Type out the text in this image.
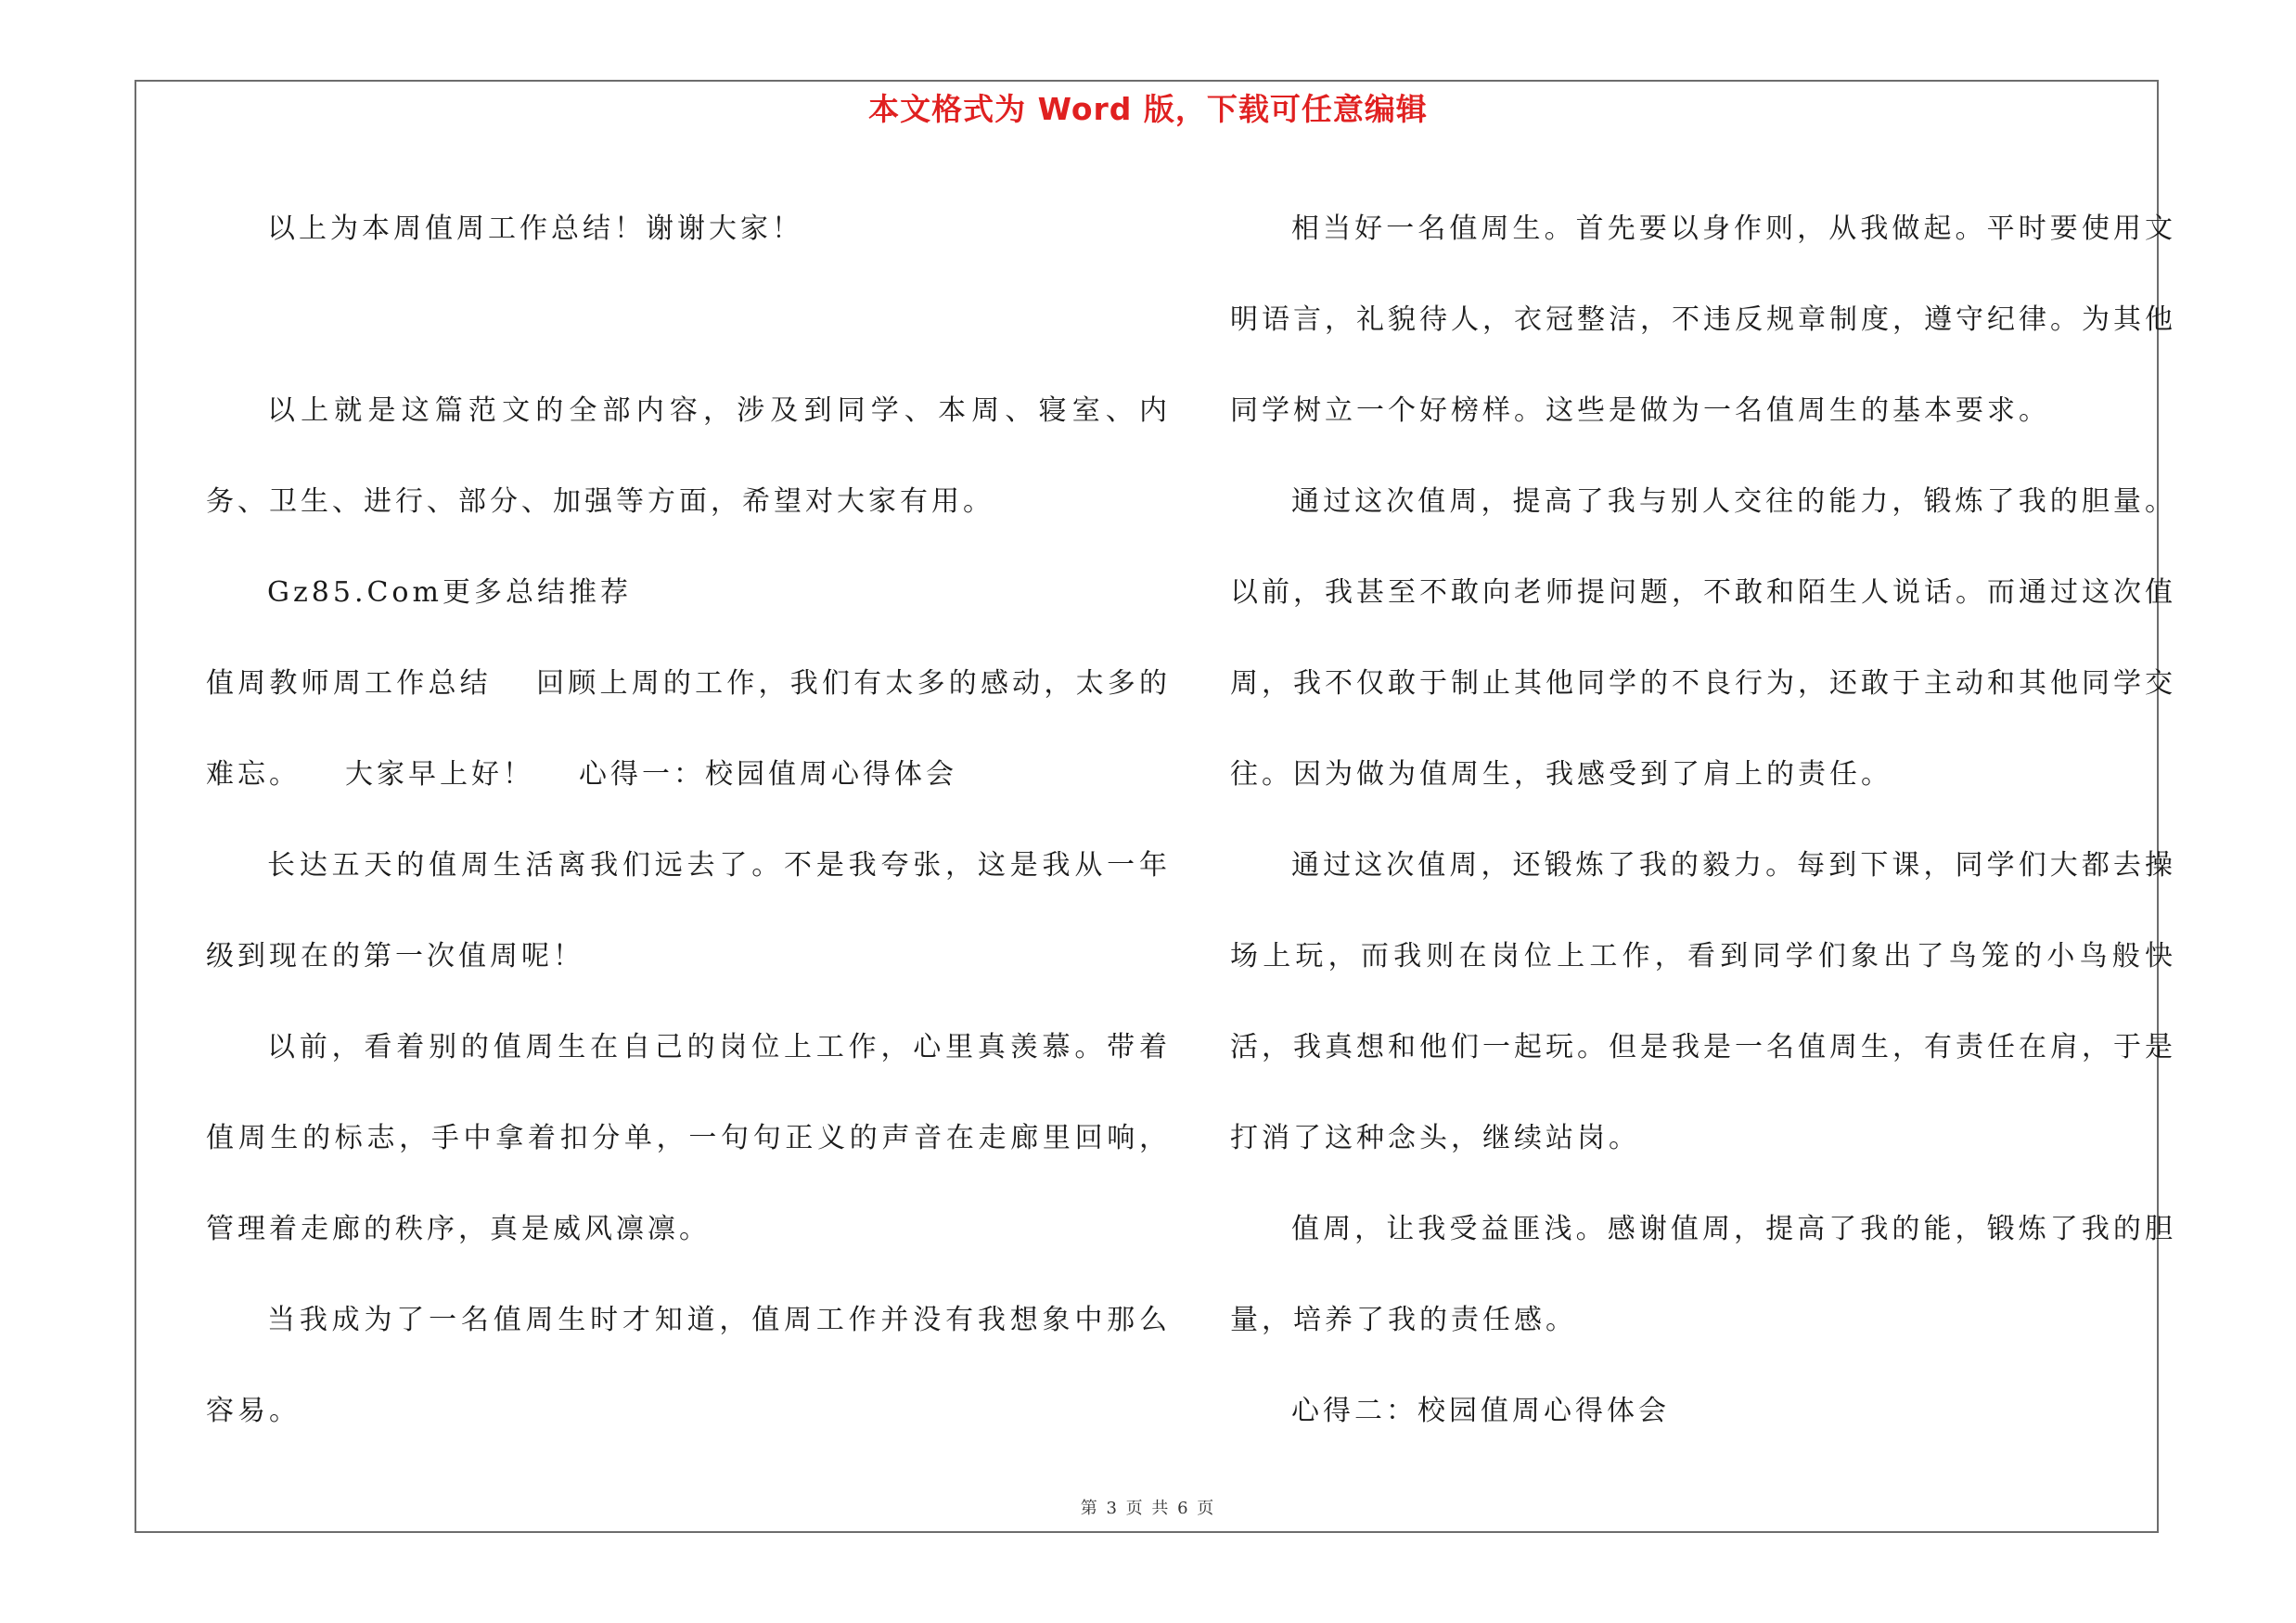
本文格式为 Word 版，下载可任意编辑

以上为本周值周工作总结！谢谢大家！

以上就是这篇范文的全部内容，涉及到同学、本周、寝室、内务、卫生、进行、部分、加强等方面，希望对大家有用。

Gz85.Com更多总结推荐

值周教师周工作总结 回顾上周的工作，我们有太多的感动，太多的难忘。 大家早上好！ 心得一：校园值周心得体会

长达五天的值周生活离我们远去了。不是我夸张，这是我从一年级到现在的第一次值周呢！

以前，看着别的值周生在自己的岗位上工作，心里真羡慕。带着值周生的标志，手中拿着扣分单，一句句正义的声音在走廊里回响，管理着走廊的秩序，真是威风凛凛。

当我成为了一名值周生时才知道，值周工作并没有我想象中那么容易。

相当好一名值周生。首先要以身作则，从我做起。平时要使用文明语言，礼貌待人，衣冠整洁，不违反规章制度，遵守纪律。为其他同学树立一个好榜样。这些是做为一名值周生的基本要求。

通过这次值周，提高了我与别人交往的能力，锻炼了我的胆量。以前，我甚至不敢向老师提问题，不敢和陌生人说话。而通过这次值周，我不仅敢于制止其他同学的不良行为，还敢于主动和其他同学交往。因为做为值周生，我感受到了肩上的责任。

通过这次值周，还锻炼了我的毅力。每到下课，同学们大都去操场上玩，而我则在岗位上工作，看到同学们象出了鸟笼的小鸟般快活，我真想和他们一起玩。但是我是一名值周生，有责任在肩，于是打消了这种念头，继续站岗。

值周，让我受益匪浅。感谢值周，提高了我的能，锻炼了我的胆量，培养了我的责任感。

心得二：校园值周心得体会

第 3 页 共 6 页
